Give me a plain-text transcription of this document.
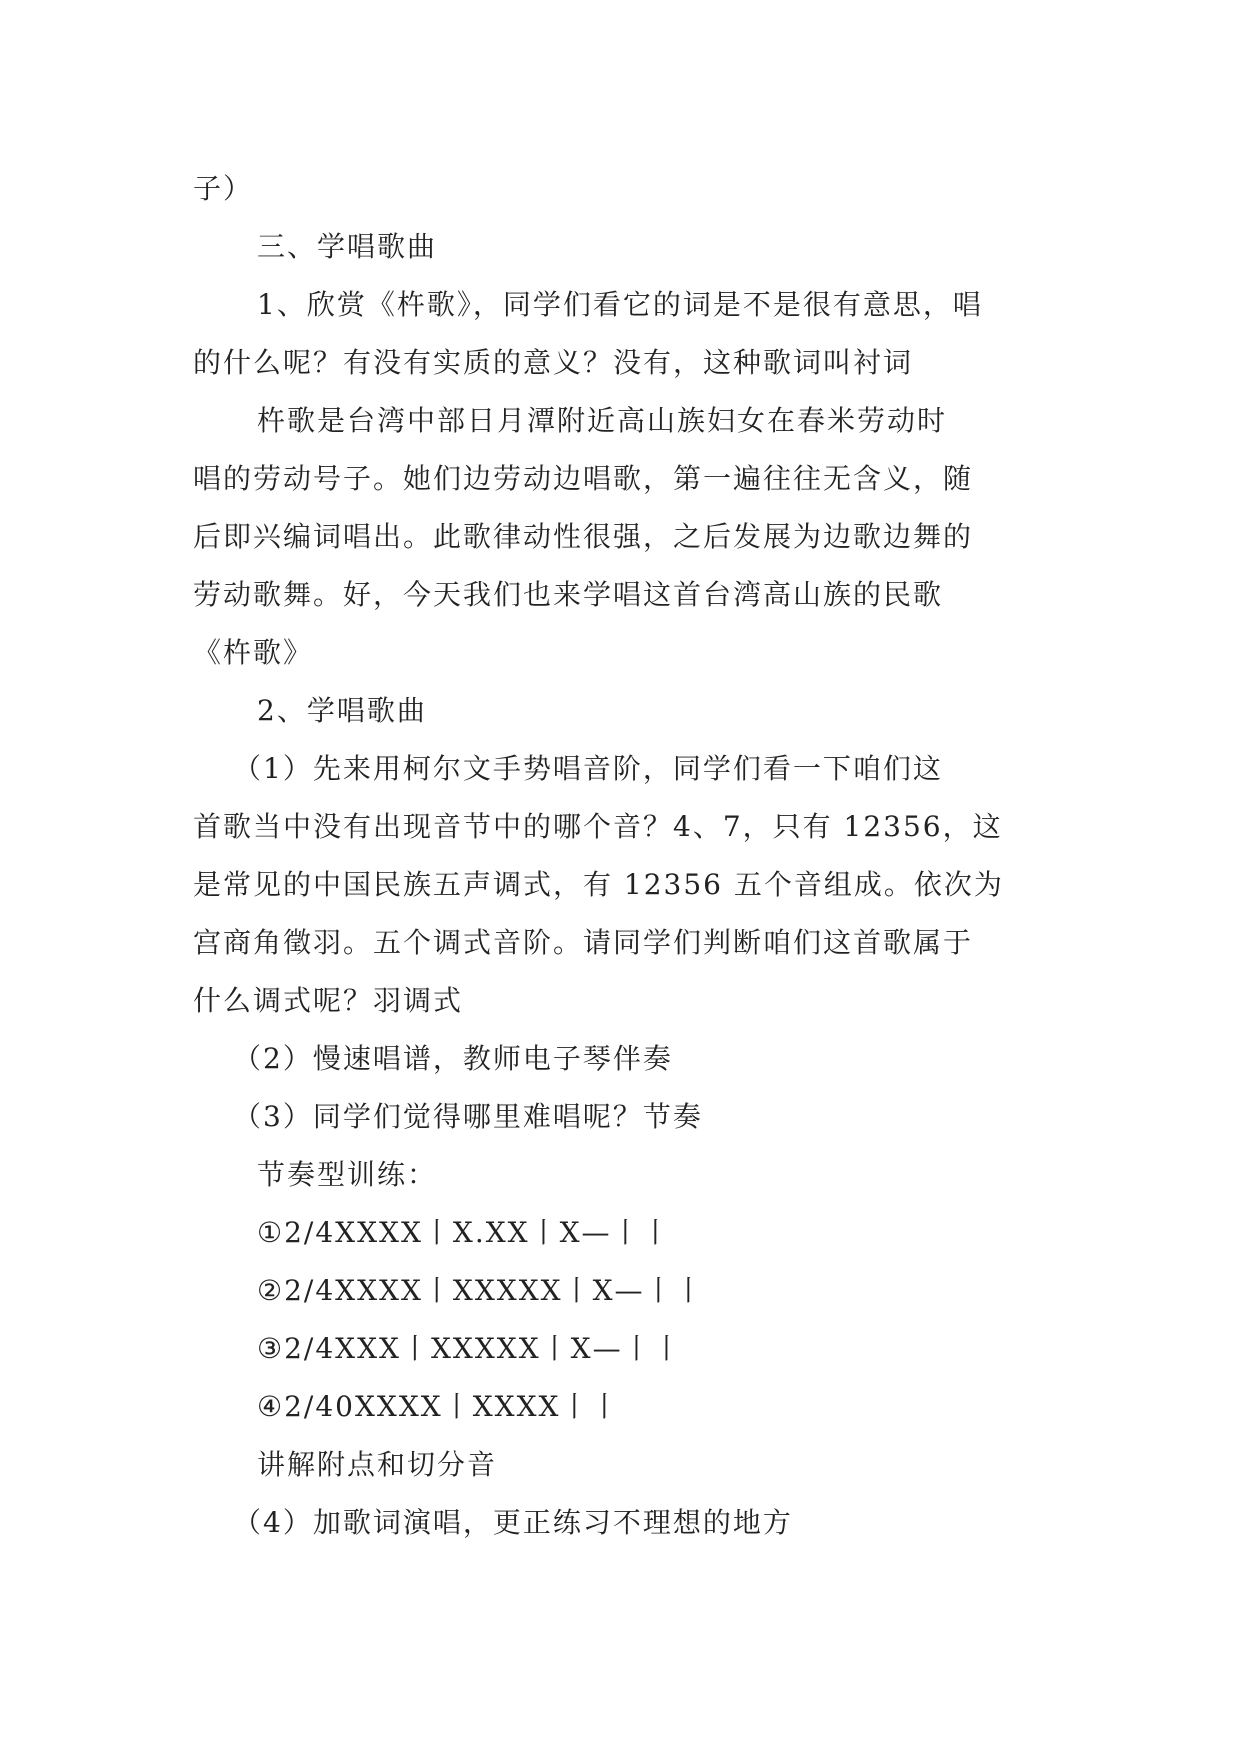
子）
三、学唱歌曲
1、欣赏《杵歌》，同学们看它的词是不是很有意思，唱
的什么呢？有没有实质的意义？没有，这种歌词叫衬词
杵歌是台湾中部日月潭附近高山族妇女在春米劳动时
唱的劳动号子。她们边劳动边唱歌，第一遍往往无含义，随
后即兴编词唱出。此歌律动性很强，之后发展为边歌边舞的
劳动歌舞。好，今天我们也来学唱这首台湾高山族的民歌
《杵歌》
2、学唱歌曲
（1）先来用柯尔文手势唱音阶，同学们看一下咱们这
首歌当中没有出现音节中的哪个音？4、7，只有 12356，这
是常见的中国民族五声调式，有 12356 五个音组成。依次为
宫商角徵羽。五个调式音阶。请同学们判断咱们这首歌属于
什么调式呢？羽调式
（2）慢速唱谱，教师电子琴伴奏
（3）同学们觉得哪里难唱呢？节奏
节奏型训练：
①2/4XXXX丨X.XX丨X—丨丨
②2/4XXXX丨XXXXX丨X—丨丨
③2/4XXX丨XXXXX丨X—丨丨
④2/40XXXX丨XXXX丨丨
讲解附点和切分音
（4）加歌词演唱，更正练习不理想的地方
